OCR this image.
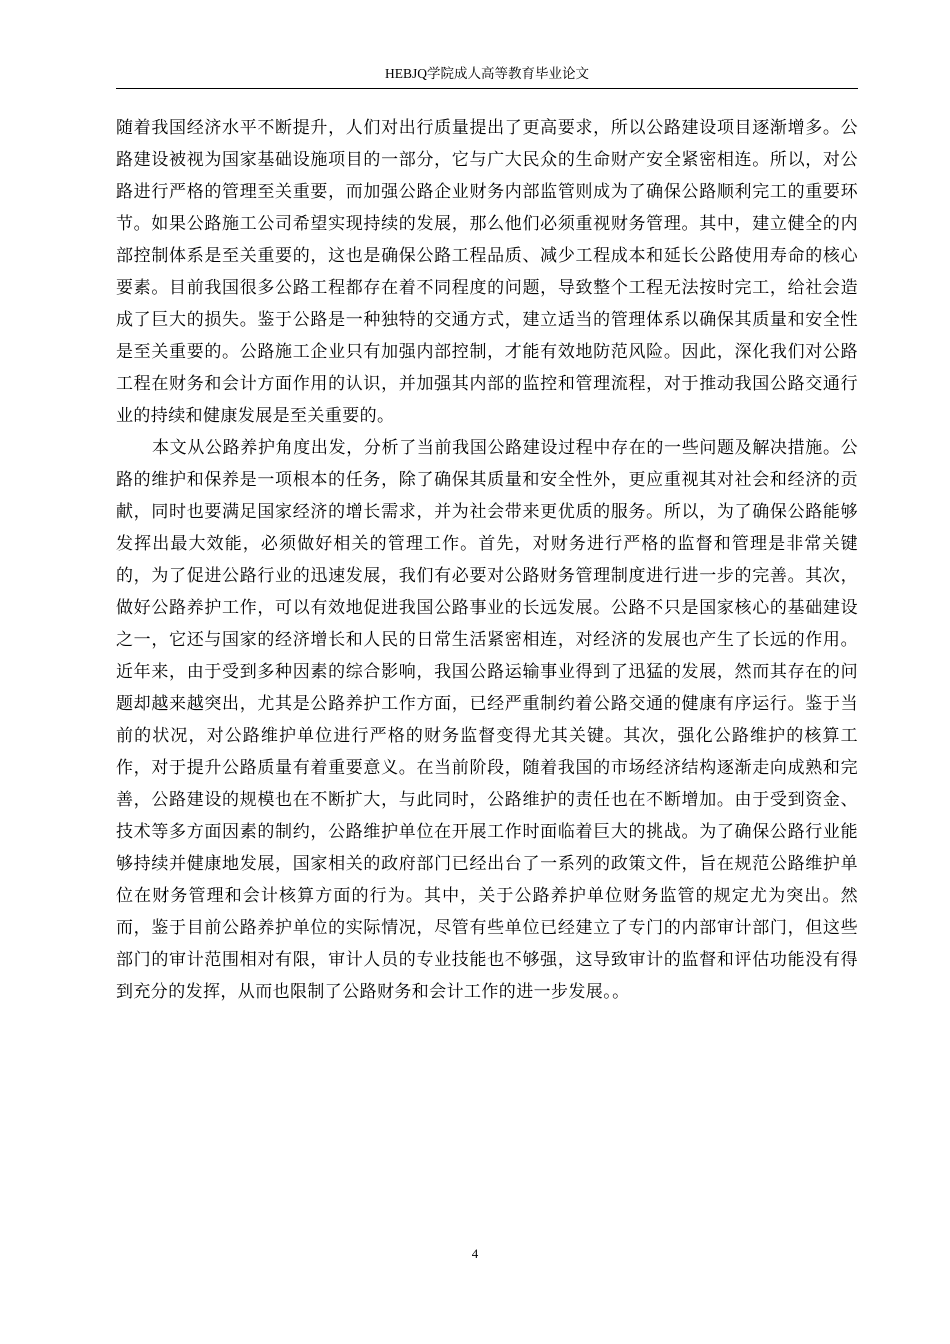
HEBJQ学院成人高等教育毕业论文

随着我国经济水平不断提升，人们对出行质量提出了更高要求，所以公路建设项目逐渐增多。公路建设被视为国家基础设施项目的一部分，它与广大民众的生命财产安全紧密相连。所以，对公路进行严格的管理至关重要，而加强公路企业财务内部监管则成为了确保公路顺利完工的重要环节。如果公路施工公司希望实现持续的发展，那么他们必须重视财务管理。其中，建立健全的内部控制体系是至关重要的，这也是确保公路工程品质、减少工程成本和延长公路使用寿命的核心要素。目前我国很多公路工程都存在着不同程度的问题，导致整个工程无法按时完工，给社会造成了巨大的损失。鉴于公路是一种独特的交通方式，建立适当的管理体系以确保其质量和安全性是至关重要的。公路施工企业只有加强内部控制，才能有效地防范风险。因此，深化我们对公路工程在财务和会计方面作用的认识，并加强其内部的监控和管理流程，对于推动我国公路交通行业的持续和健康发展是至关重要的。

本文从公路养护角度出发，分析了当前我国公路建设过程中存在的一些问题及解决措施。公路的维护和保养是一项根本的任务，除了确保其质量和安全性外，更应重视其对社会和经济的贡献，同时也要满足国家经济的增长需求，并为社会带来更优质的服务。所以，为了确保公路能够发挥出最大效能，必须做好相关的管理工作。首先，对财务进行严格的监督和管理是非常关键的，为了促进公路行业的迅速发展，我们有必要对公路财务管理制度进行进一步的完善。其次，做好公路养护工作，可以有效地促进我国公路事业的长远发展。公路不只是国家核心的基础建设之一，它还与国家的经济增长和人民的日常生活紧密相连，对经济的发展也产生了长远的作用。近年来，由于受到多种因素的综合影响，我国公路运输事业得到了迅猛的发展，然而其存在的问题却越来越突出，尤其是公路养护工作方面，已经严重制约着公路交通的健康有序运行。鉴于当前的状况，对公路维护单位进行严格的财务监督变得尤其关键。其次，强化公路维护的核算工作，对于提升公路质量有着重要意义。在当前阶段，随着我国的市场经济结构逐渐走向成熟和完善，公路建设的规模也在不断扩大，与此同时，公路维护的责任也在不断增加。由于受到资金、技术等多方面因素的制约，公路维护单位在开展工作时面临着巨大的挑战。为了确保公路行业能够持续并健康地发展，国家相关的政府部门已经出台了一系列的政策文件，旨在规范公路维护单位在财务管理和会计核算方面的行为。其中，关于公路养护单位财务监管的规定尤为突出。然而，鉴于目前公路养护单位的实际情况，尽管有些单位已经建立了专门的内部审计部门，但这些部门的审计范围相对有限，审计人员的专业技能也不够强，这导致审计的监督和评估功能没有得到充分的发挥，从而也限制了公路财务和会计工作的进一步发展。。

4
